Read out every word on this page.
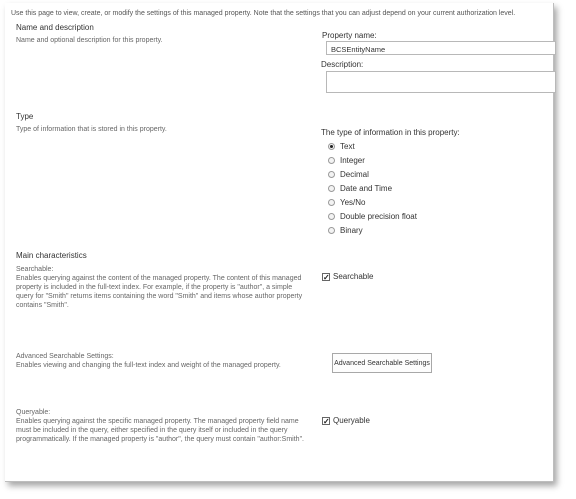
Use this page to view, create, or modify the settings of this managed property. Note that the settings that you can adjust depend on your current authorization level.
Name and description
Name and optional description for this property.
Property name:
BCSEntityName
Description:
Type
Type of information that is stored in this property.	The type of information in this property:
Text
Integer
Decimal
Date and Time
Yes/No
Double precision float
Binary
Main characteristics
Searchable:
Enables querying against the content of the managed property. The content of this managed property is included in the full-text index. For example, if the property is "author", a simple query for "Smith" returns items containing the word "Smith" and items whose author property contains "Smith".
✓ Searchable
Advanced Searchable Settings:
Enables viewing and changing the full-text index and weight of the managed property.	Advanced Searchable Settings
Queryable:
Enables querying against the specific managed property. The managed property field name must be included in the query, either specified in the query itself or included in the query programmatically. If the managed property is "author", the query must contain "author:Smith".
✓ Queryable
